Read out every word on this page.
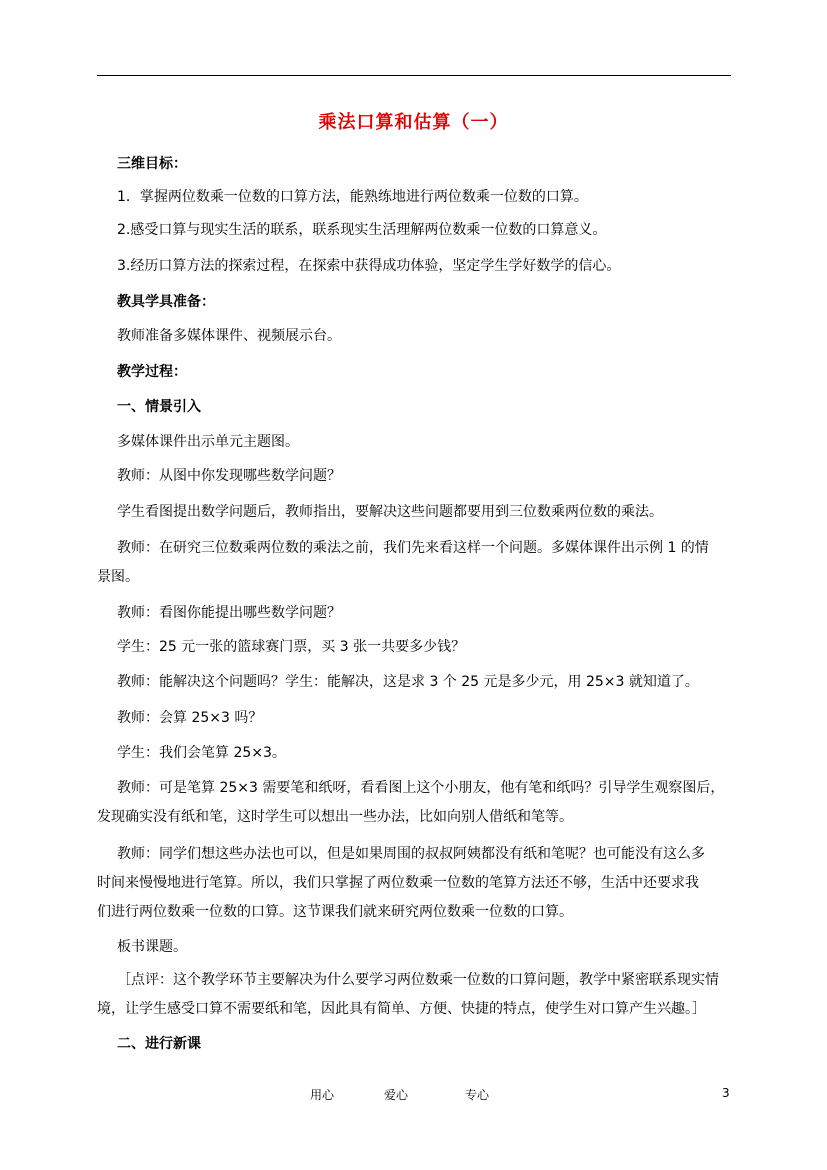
乘法口算和估算（一）
三维目标：
1．掌握两位数乘一位数的口算方法，能熟练地进行两位数乘一位数的口算。
2.感受口算与现实生活的联系，联系现实生活理解两位数乘一位数的口算意义。
3.经历口算方法的探索过程，在探索中获得成功体验，坚定学生学好数学的信心。
教具学具准备：
教师准备多媒体课件、视频展示台。
教学过程：
一、情景引入
多媒体课件出示单元主题图。
教师：从图中你发现哪些数学问题？
学生看图提出数学问题后，教师指出，要解决这些问题都要用到三位数乘两位数的乘法。
教师：在研究三位数乘两位数的乘法之前，我们先来看这样一个问题。多媒体课件出示例 1 的情
景图。
教师：看图你能提出哪些数学问题？
学生：25 元一张的篮球赛门票，买 3 张一共要多少钱？
教师：能解决这个问题吗？学生：能解决，这是求 3 个 25 元是多少元，用 25×3 就知道了。
教师：会算 25×3 吗？
学生：我们会笔算 25×3。
教师：可是笔算 25×3 需要笔和纸呀，看看图上这个小朋友，他有笔和纸吗？引导学生观察图后，
发现确实没有纸和笔，这时学生可以想出一些办法，比如向别人借纸和笔等。
教师：同学们想这些办法也可以，但是如果周围的叔叔阿姨都没有纸和笔呢？也可能没有这么多
时间来慢慢地进行笔算。所以，我们只掌握了两位数乘一位数的笔算方法还不够，生活中还要求我
们进行两位数乘一位数的口算。这节课我们就来研究两位数乘一位数的口算。
板书课题。
［点评：这个教学环节主要解决为什么要学习两位数乘一位数的口算问题，教学中紧密联系现实情
境，让学生感受口算不需要纸和笔，因此具有简单、方便、快捷的特点，使学生对口算产生兴趣。］
二、进行新课
用心	爱心	专心	3
